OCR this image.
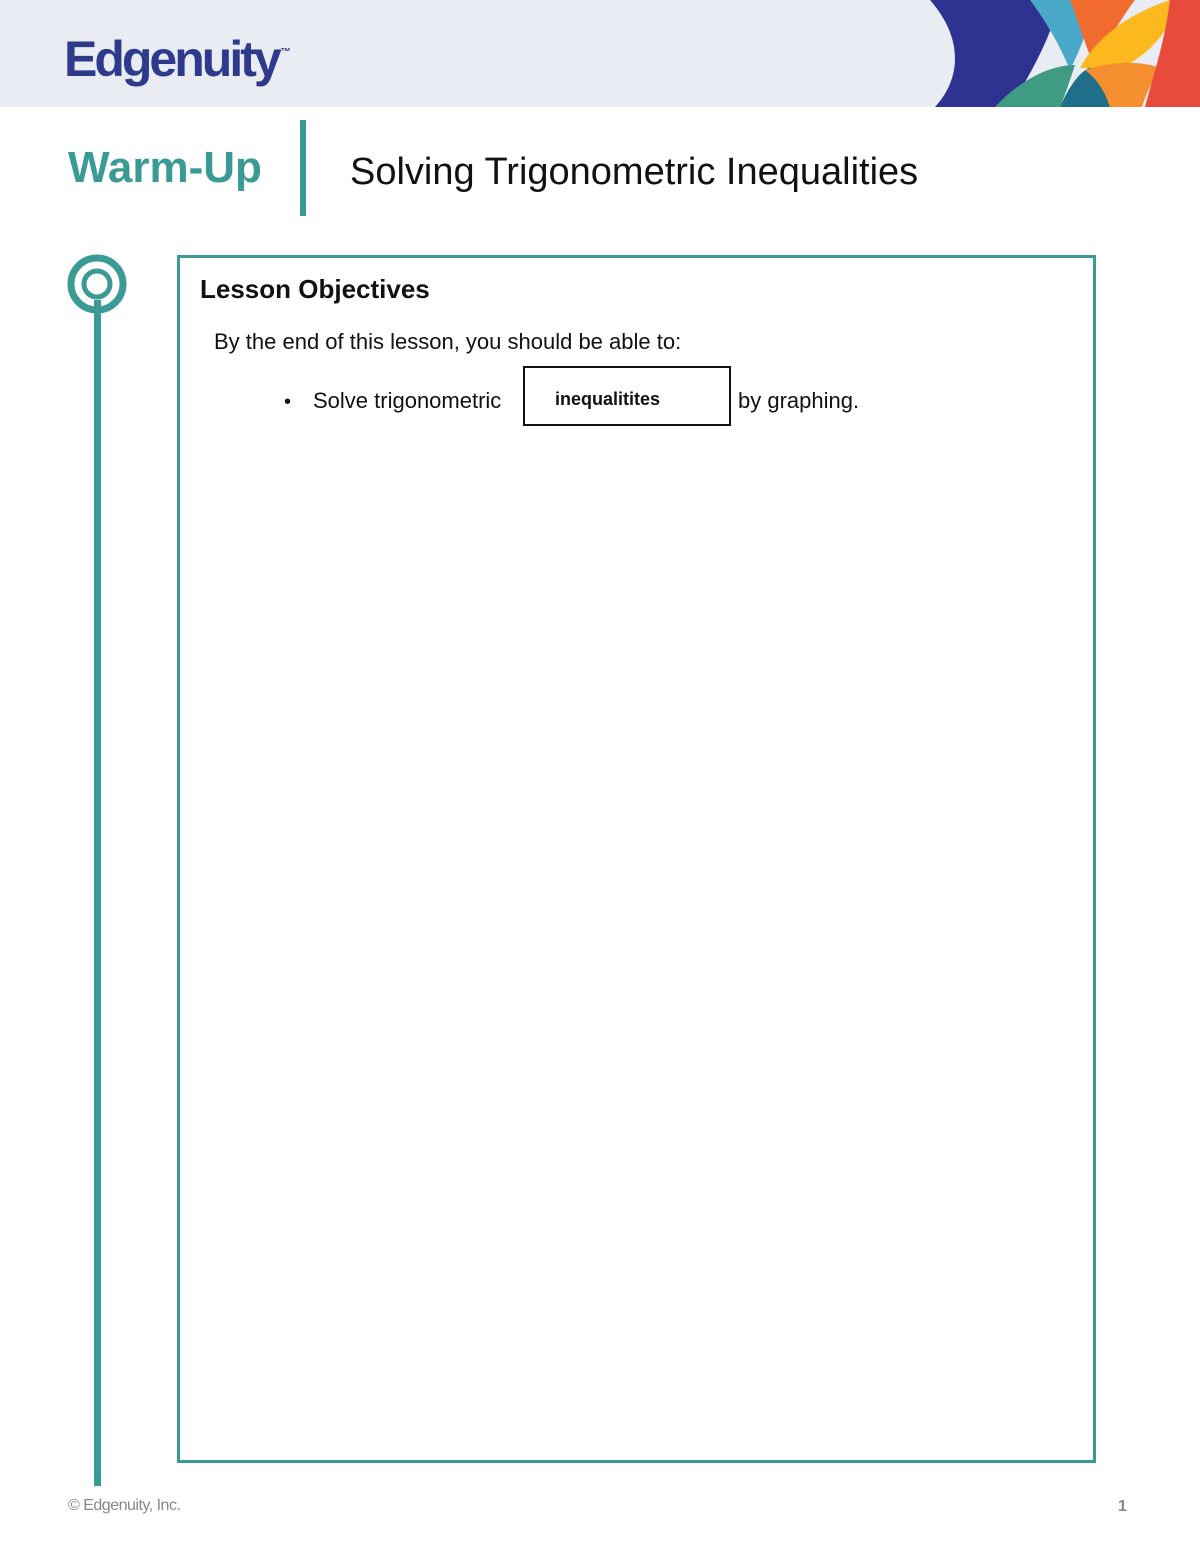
Edgenuity ™
Warm-Up Solving Trigonometric Inequalities
Lesson Objectives
By the end of this lesson, you should be able to:
• Solve trigonometric	inequalitites	by graphing.
© Edgenuity, Inc.	1
